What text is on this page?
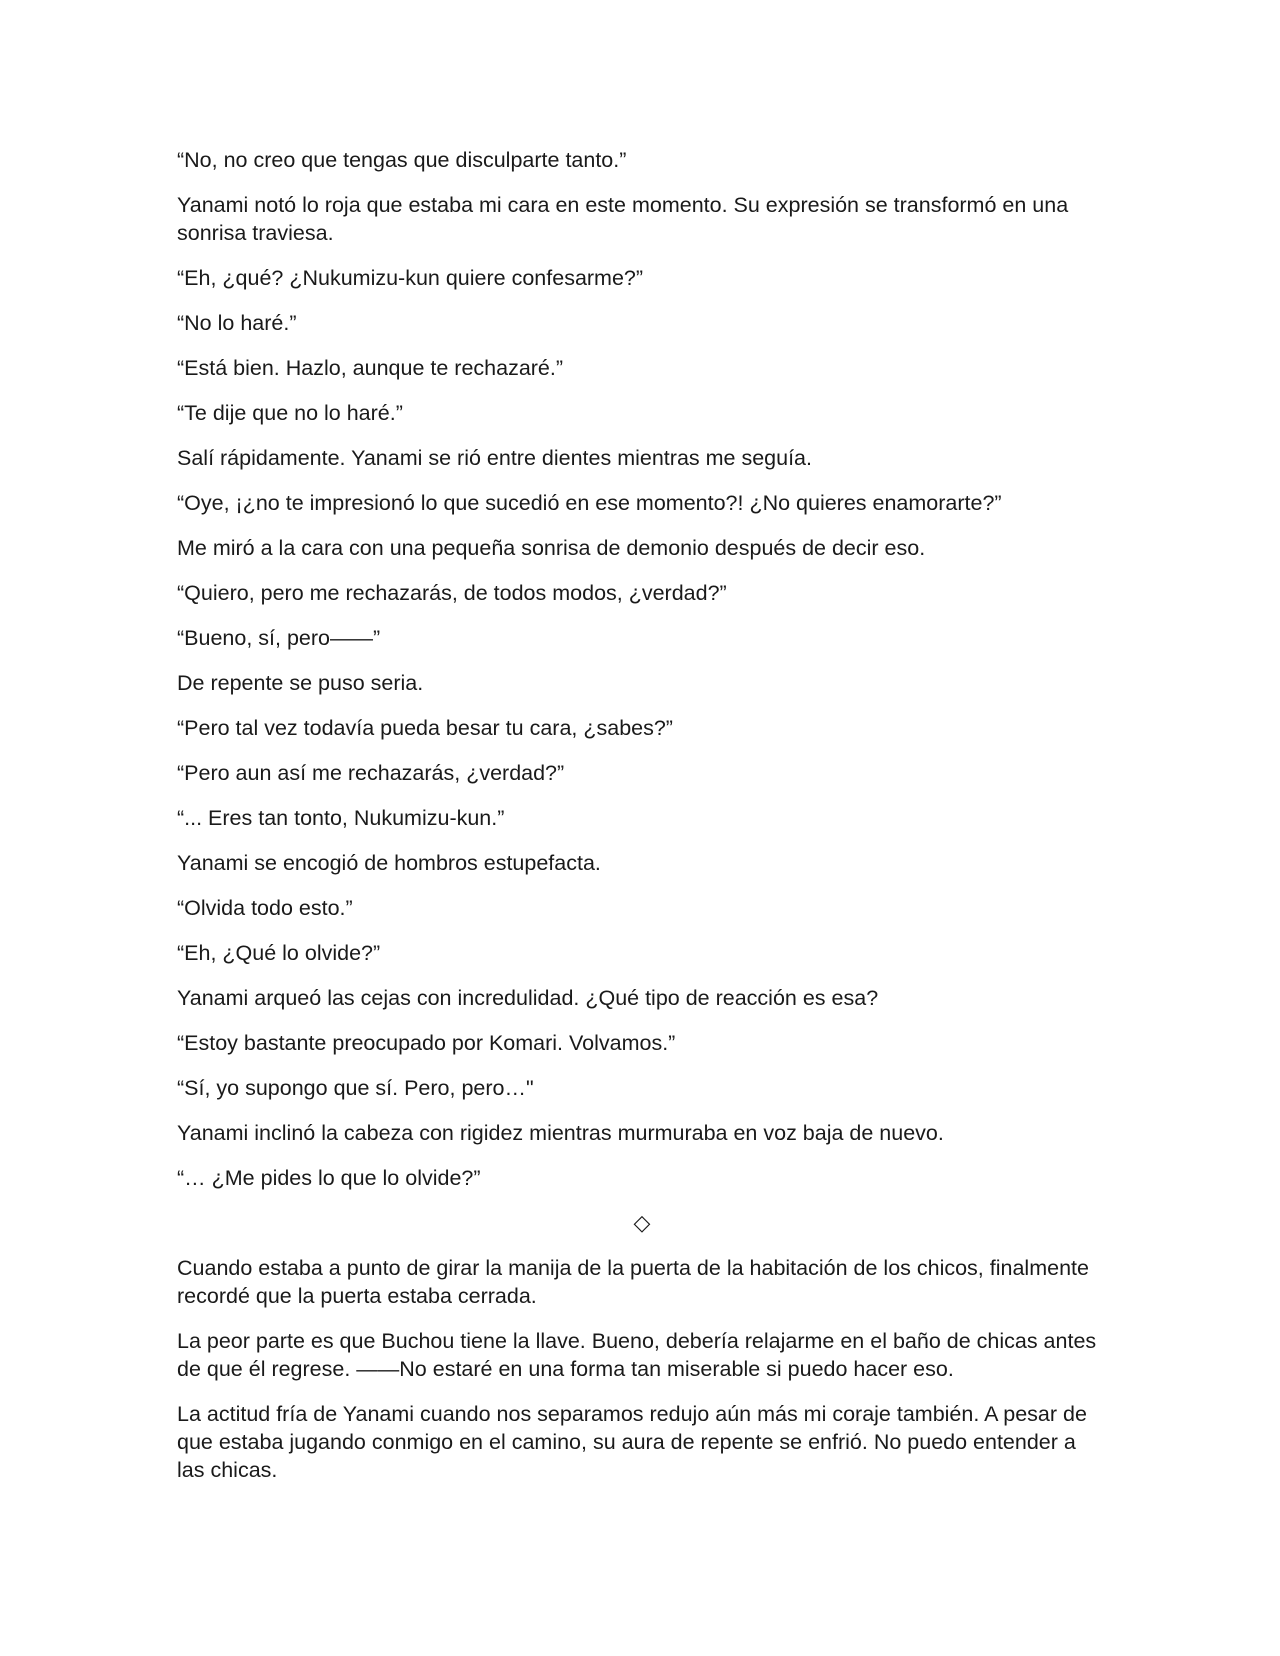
“No, no creo que tengas que disculparte tanto.”

Yanami notó lo roja que estaba mi cara en este momento. Su expresión se transformó en una sonrisa traviesa.

“Eh, ¿qué? ¿Nukumizu-kun quiere confesarme?”

“No lo haré.”

“Está bien. Hazlo, aunque te rechazaré.”

“Te dije que no lo haré.”

Salí rápidamente. Yanami se rió entre dientes mientras me seguía.

“Oye, ¡¿no te impresionó lo que sucedió en ese momento?! ¿No quieres enamorarte?”

Me miró a la cara con una pequeña sonrisa de demonio después de decir eso.

“Quiero, pero me rechazarás, de todos modos, ¿verdad?”

“Bueno, sí, pero——”

De repente se puso seria.

“Pero tal vez todavía pueda besar tu cara, ¿sabes?”

“Pero aun así me rechazarás, ¿verdad?”

“... Eres tan tonto, Nukumizu-kun.”

Yanami se encogió de hombros estupefacta.

“Olvida todo esto.”

“Eh, ¿Qué lo olvide?”

Yanami arqueó las cejas con incredulidad. ¿Qué tipo de reacción es esa?

“Estoy bastante preocupado por Komari. Volvamos.”

“Sí, yo supongo que sí. Pero, pero…"

Yanami inclinó la cabeza con rigidez mientras murmuraba en voz baja de nuevo.

“… ¿Me pides lo que lo olvide?”

◇

Cuando estaba a punto de girar la manija de la puerta de la habitación de los chicos, finalmente recordé que la puerta estaba cerrada.

La peor parte es que Buchou tiene la llave. Bueno, debería relajarme en el baño de chicas antes de que él regrese. ——No estaré en una forma tan miserable si puedo hacer eso.

La actitud fría de Yanami cuando nos separamos redujo aún más mi coraje también. A pesar de que estaba jugando conmigo en el camino, su aura de repente se enfrió. No puedo entender a las chicas.
